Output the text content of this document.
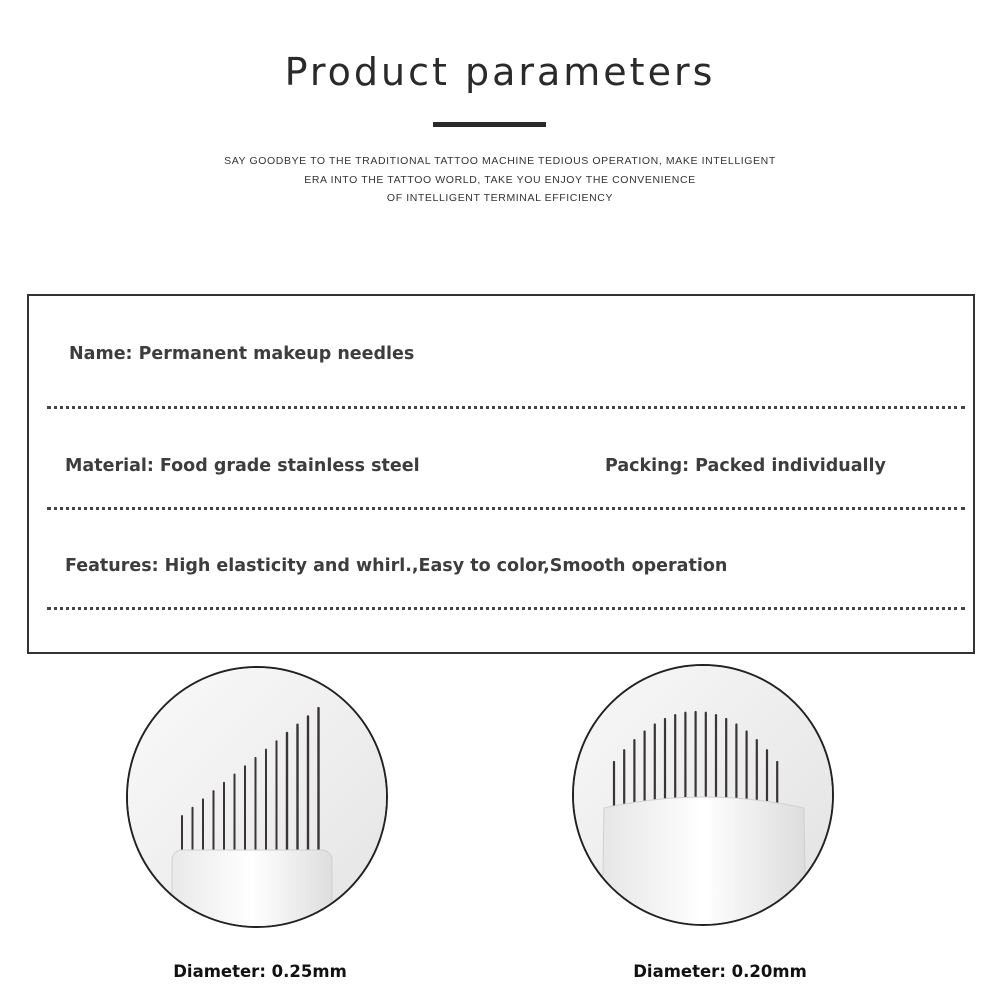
Product parameters
SAY GOODBYE TO THE TRADITIONAL TATTOO MACHINE TEDIOUS OPERATION, MAKE INTELLIGENT
ERA INTO THE TATTOO WORLD, TAKE YOU ENJOY THE CONVENIENCE
OF INTELLIGENT TERMINAL EFFICIENCY
Name: Permanent makeup needles
Material: Food grade stainless steel	Packing: Packed individually
Features: High elasticity and whirl.,Easy to color,Smooth operation
Diameter: 0.25mm	Diameter: 0.20mm
